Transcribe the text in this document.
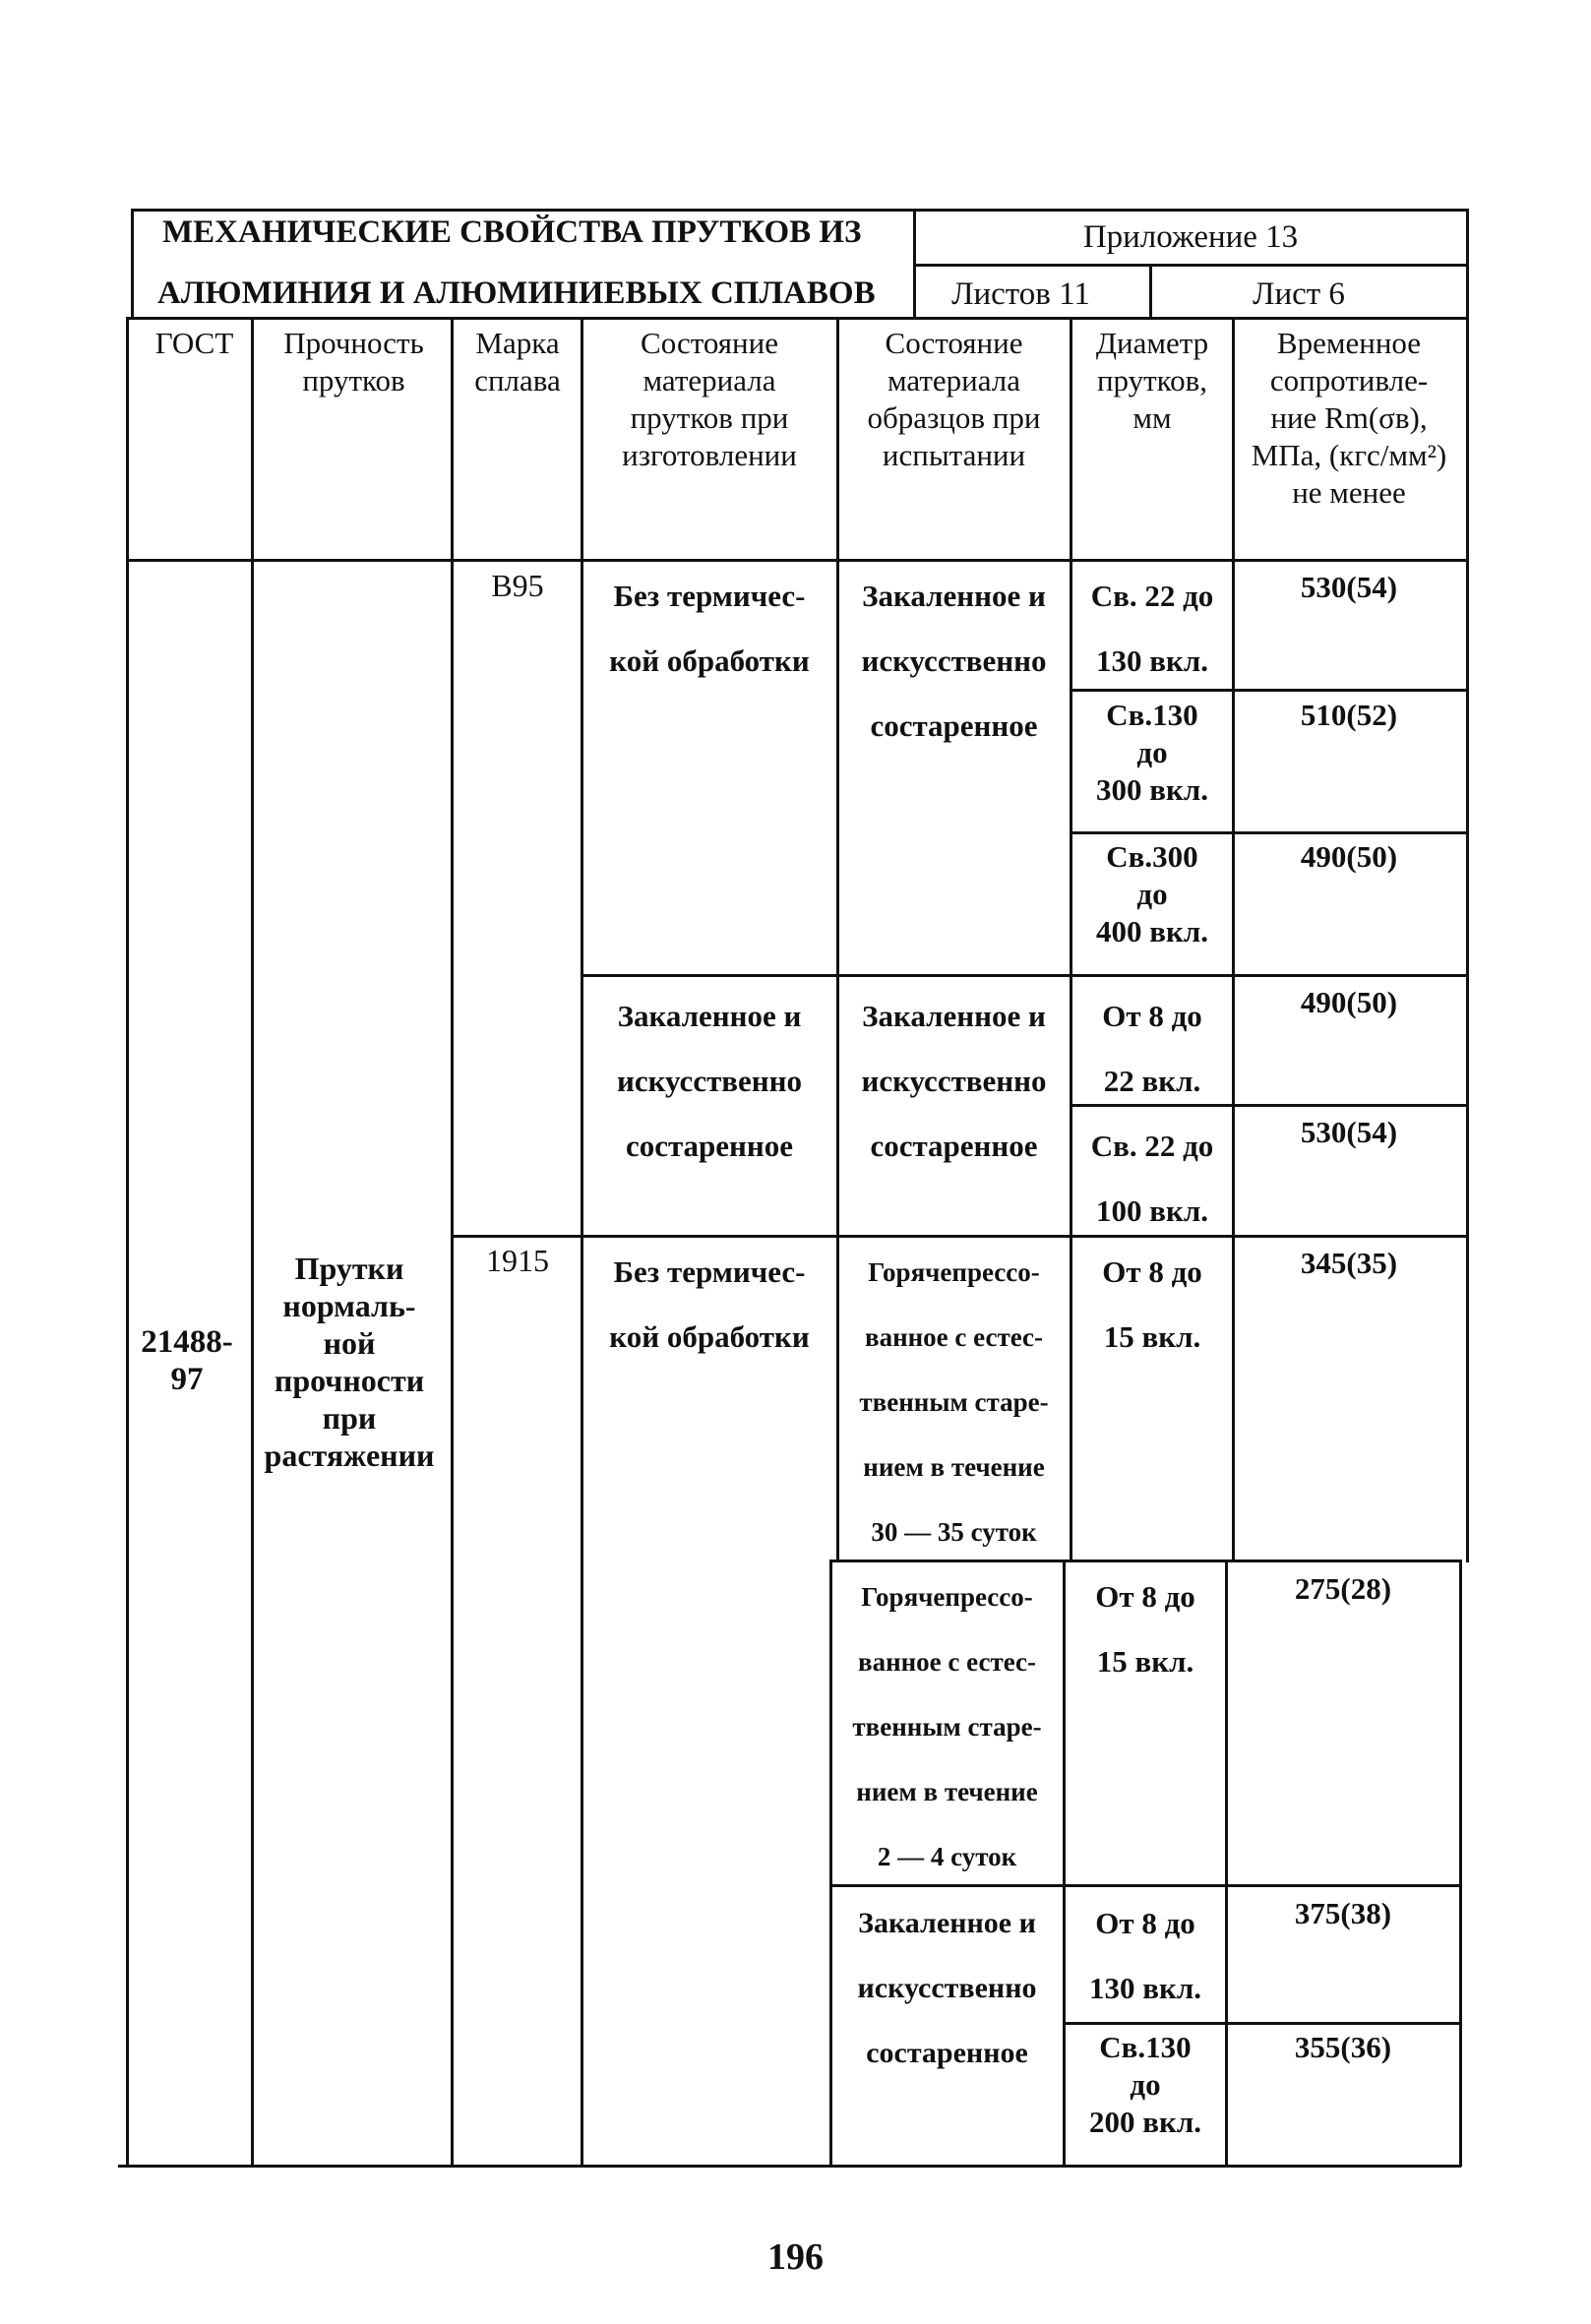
МЕХАНИЧЕСКИЕ СВОЙСТВА ПРУТКОВ ИЗ
АЛЮМИНИЯ И АЛЮМИНИЕВЫХ СПЛАВОВ
Приложение 13
Листов 11	Лист 6
ГОСТ	Прочность
прутков
Марка
сплава
Состояние
материала
прутков при
изготовлении
Состояние
материала
образцов при
испытании
Диаметр
прутков,
мм
Временное
сопротивле-
ние Rm(σв),
МПа, (кгс/мм²)
не менее
21488-
97
Прутки
нормаль-
ной
прочности
при
растяжении
В95
1915
Без термичес-
кой обработки
Закаленное и
искусственно
состаренное
Без термичес-
кой обработки
Закаленное и
искусственно
состаренное
Закаленное и
искусственно
состаренное
Горячепрессо-
ванное с естес-
твенным старе-
нием в течение
30 — 35 суток
Горячепрессо-
ванное с естес-
твенным старе-
нием в течение
2 — 4 суток
Закаленное и
искусственно
состаренное
Св. 22 до
130 вкл.
530(54)
Св.130
до
300 вкл.
510(52)
Св.300
до
400 вкл.
490(50)
От 8 до
22 вкл.
490(50)
Св. 22 до
100 вкл.
530(54)
От 8 до
15 вкл.
345(35)
От 8 до
15 вкл.
275(28)
От 8 до
130 вкл.
375(38)
Св.130
до
200 вкл.
355(36)
196
